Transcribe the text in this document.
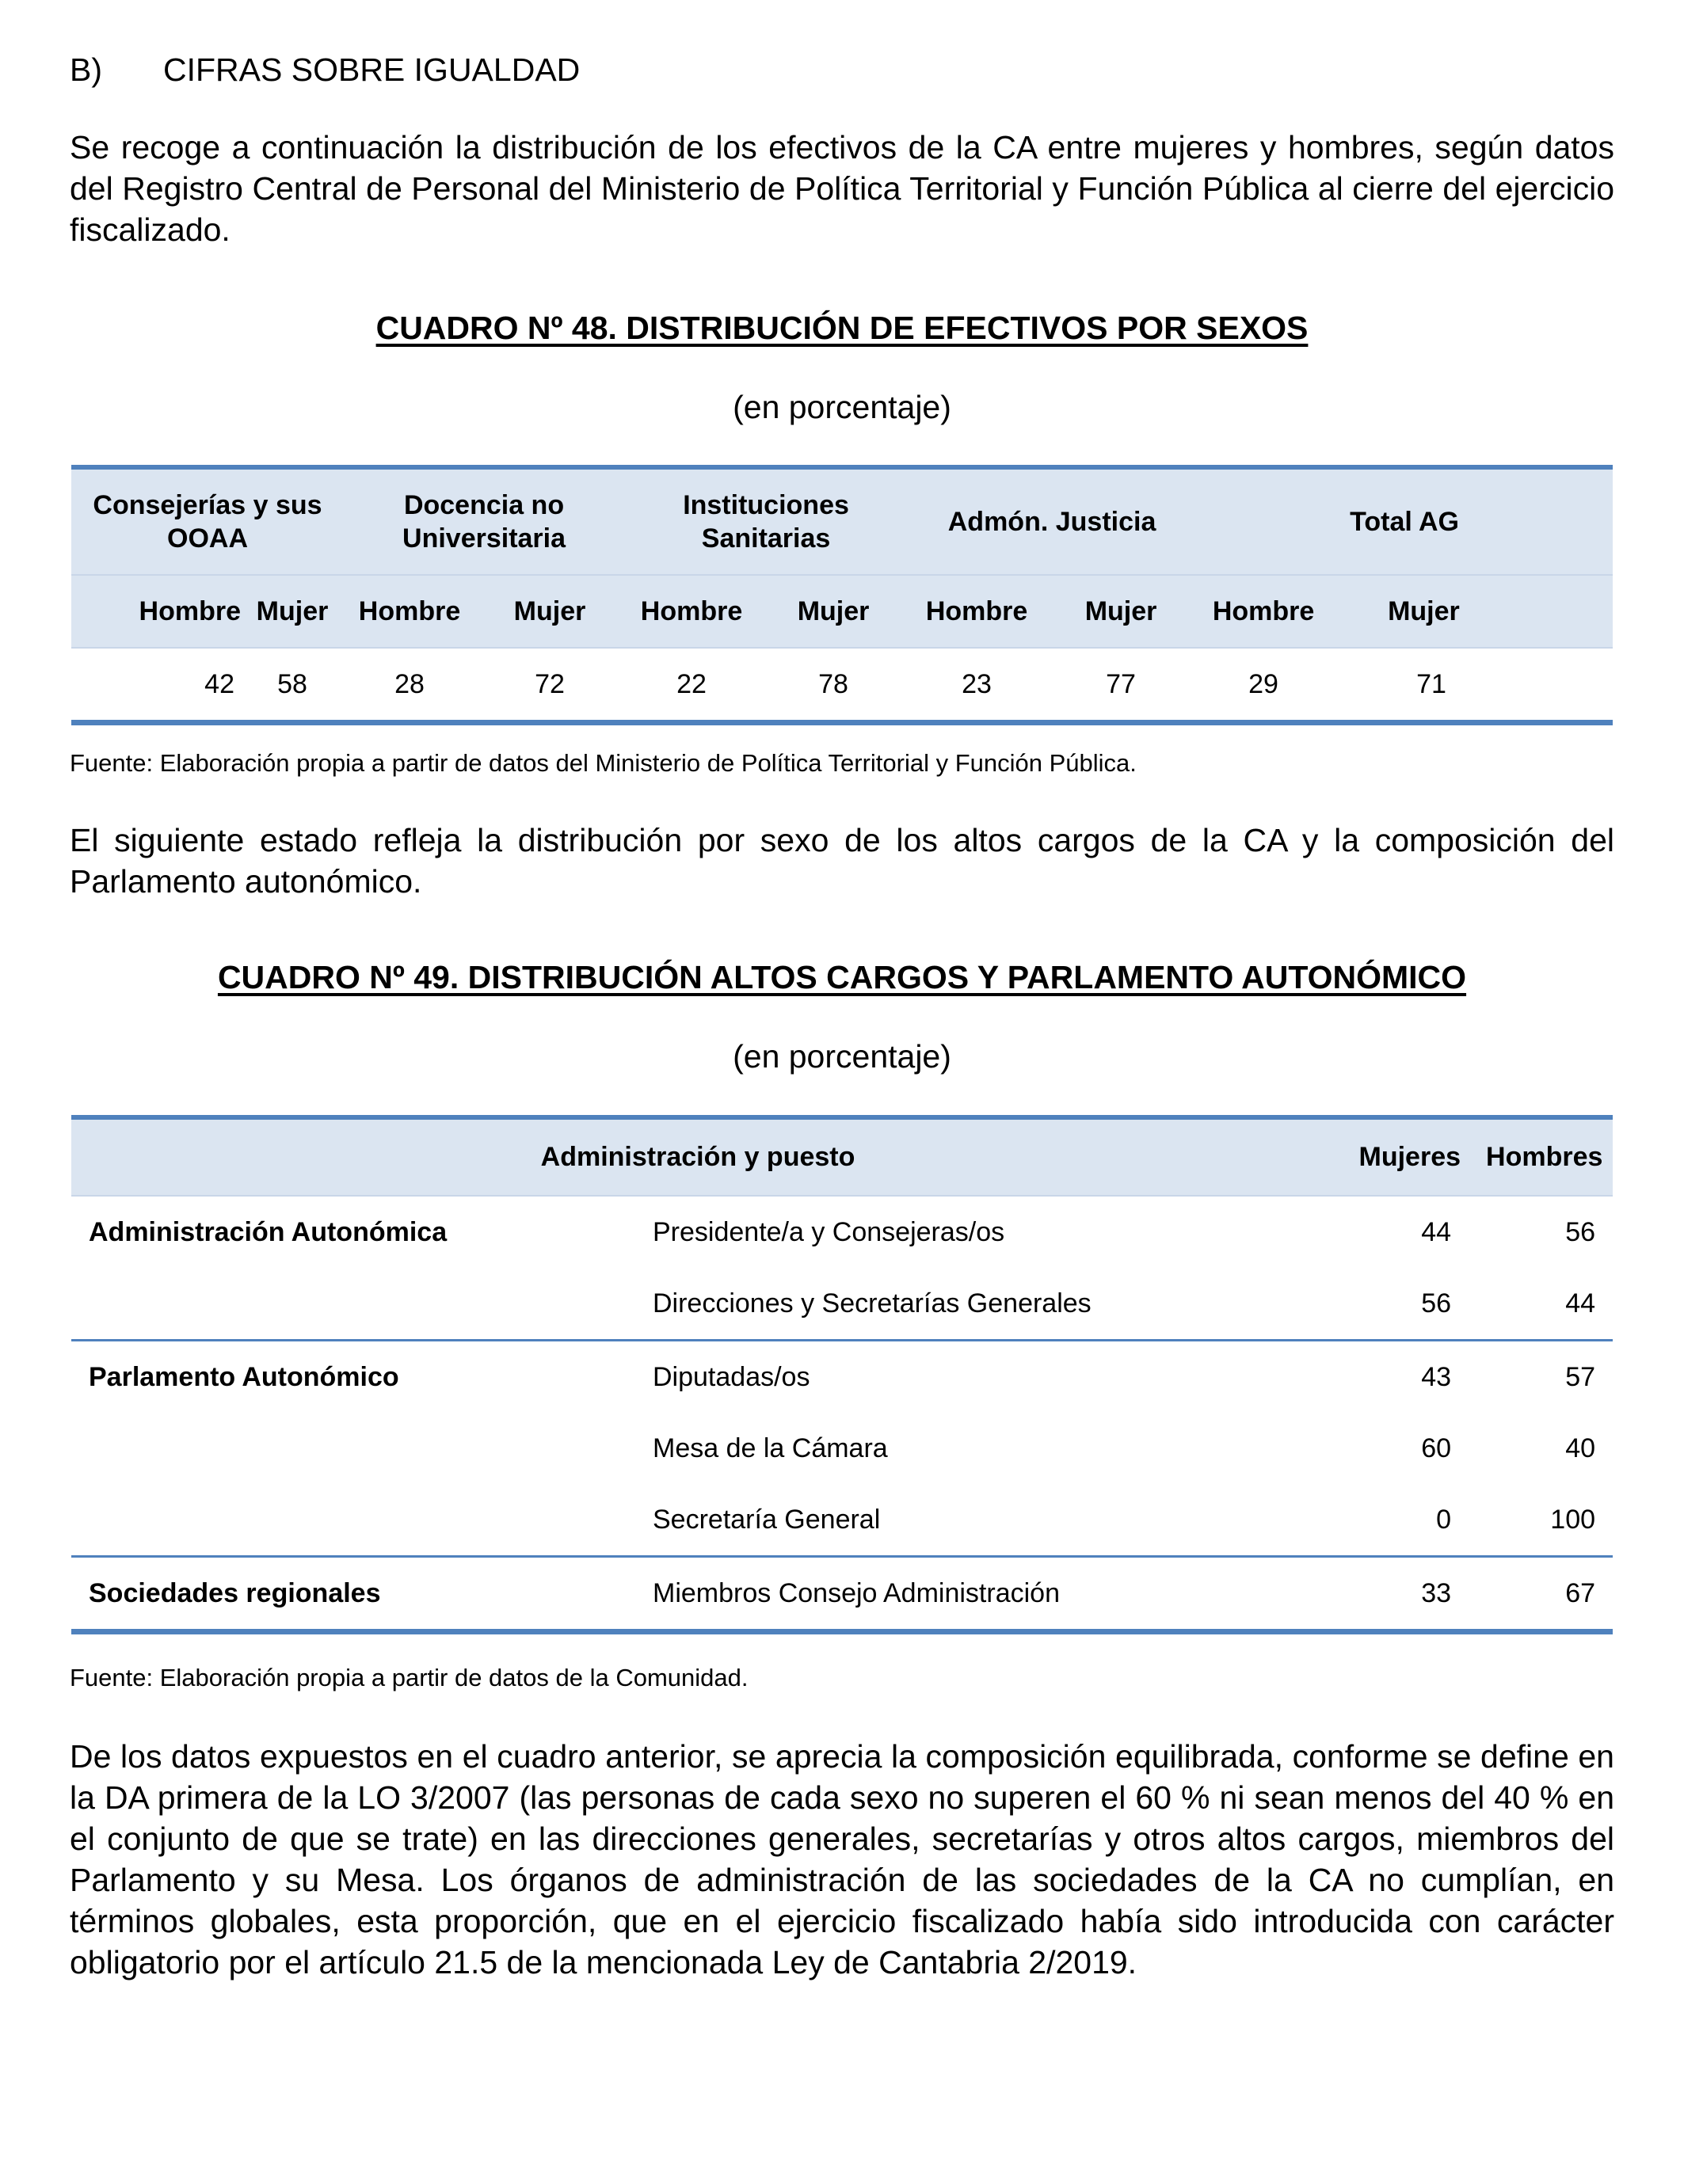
B) CIFRAS SOBRE IGUALDAD
Se recoge a continuación la distribución de los efectivos de la CA entre mujeres y hombres, según datos del Registro Central de Personal del Ministerio de Política Territorial y Función Pública al cierre del ejercicio fiscalizado.
CUADRO Nº 48. DISTRIBUCIÓN DE EFECTIVOS POR SEXOS
(en porcentaje)
Consejerías y sus OOAA		Docencia no Universitaria		Instituciones Sanitarias		Admón. Justicia		Total AG	
Hombre	Mujer	Hombre	Mujer	Hombre	Mujer	Hombre	Mujer	Hombre	Mujer
42	58	28	72	22	78	23	77	29	71
Fuente: Elaboración propia a partir de datos del Ministerio de Política Territorial y Función Pública.
El siguiente estado refleja la distribución por sexo de los altos cargos de la CA y la composición del Parlamento autonómico.
CUADRO Nº 49. DISTRIBUCIÓN ALTOS CARGOS Y PARLAMENTO AUTONÓMICO
(en porcentaje)
Administración y puesto		Mujeres	Hombres
Administración Autonómica	Presidente/a y Consejeras/os	44	56
	Direcciones y Secretarías Generales	56	44
Parlamento Autonómico	Diputadas/os	43	57
	Mesa de la Cámara	60	40
	Secretaría General	0	100
Sociedades regionales	Miembros Consejo Administración	33	67
Fuente: Elaboración propia a partir de datos de la Comunidad.
De los datos expuestos en el cuadro anterior, se aprecia la composición equilibrada, conforme se define en la DA primera de la LO 3/2007 (las personas de cada sexo no superen el 60 % ni sean menos del 40 % en el conjunto de que se trate) en las direcciones generales, secretarías y otros altos cargos, miembros del Parlamento y su Mesa. Los órganos de administración de las sociedades de la CA no cumplían, en términos globales, esta proporción, que en el ejercicio fiscalizado había sido introducida con carácter obligatorio por el artículo 21.5 de la mencionada Ley de Cantabria 2/2019.
